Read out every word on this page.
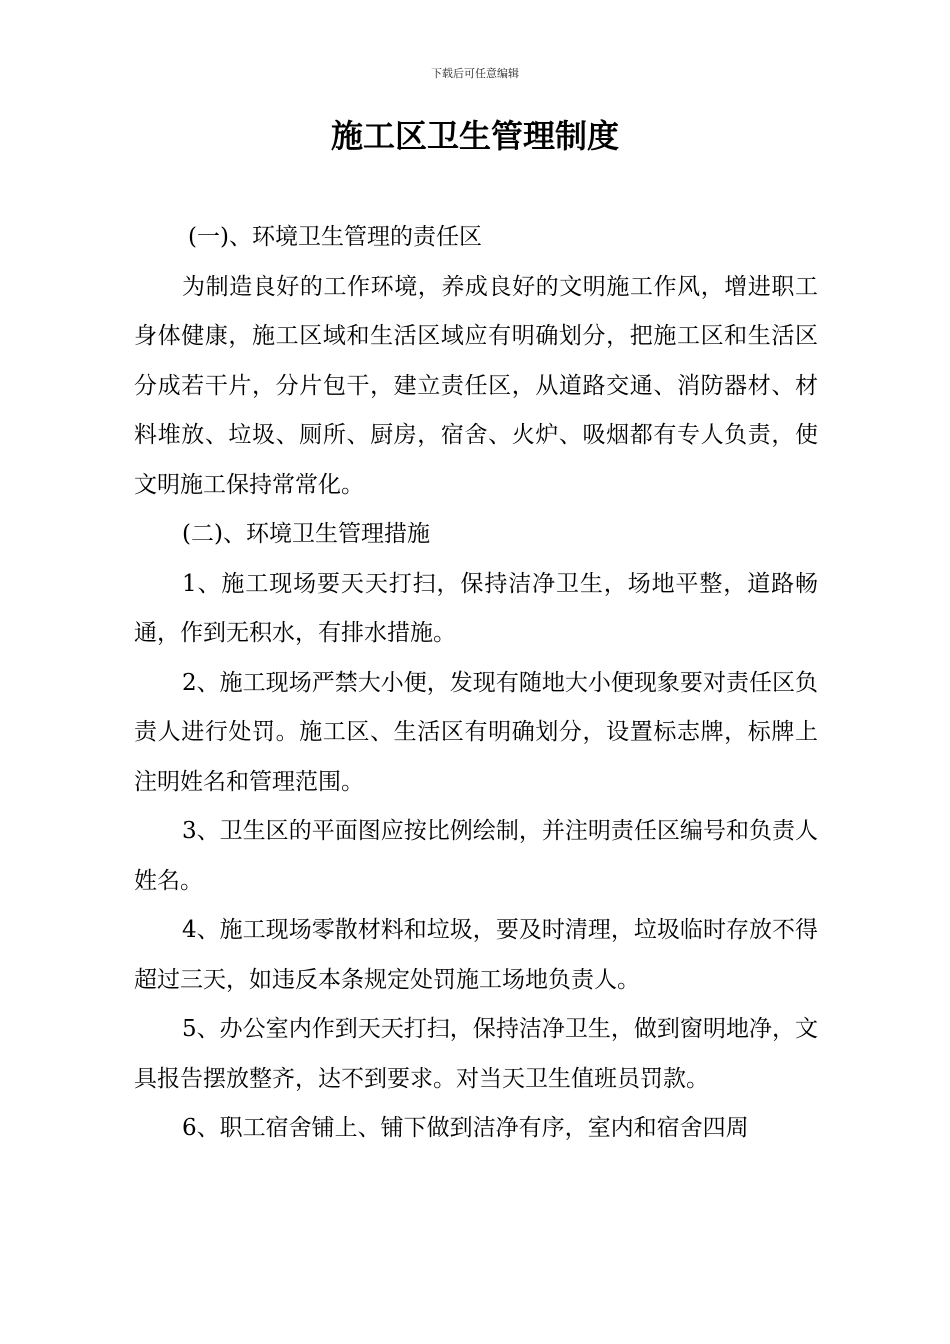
下载后可任意编辑
施工区卫生管理制度

(一)、环境卫生管理的责任区

为制造良好的工作环境，养成良好的文明施工作风，增进职工身体健康，施工区域和生活区域应有明确划分，把施工区和生活区分成若干片，分片包干，建立责任区，从道路交通、消防器材、材料堆放、垃圾、厕所、厨房，宿舍、火炉、吸烟都有专人负责，使文明施工保持常常化。

(二)、环境卫生管理措施

1、施工现场要天天打扫，保持洁净卫生，场地平整，道路畅通，作到无积水，有排水措施。

2、施工现场严禁大小便，发现有随地大小便现象要对责任区负责人进行处罚。施工区、生活区有明确划分，设置标志牌，标牌上注明姓名和管理范围。

3、卫生区的平面图应按比例绘制，并注明责任区编号和负责人姓名。

4、施工现场零散材料和垃圾，要及时清理，垃圾临时存放不得超过三天，如违反本条规定处罚施工场地负责人。

5、办公室内作到天天打扫，保持洁净卫生，做到窗明地净，文具报告摆放整齐，达不到要求。对当天卫生值班员罚款。

6、职工宿舍铺上、铺下做到洁净有序，室内和宿舍四周
